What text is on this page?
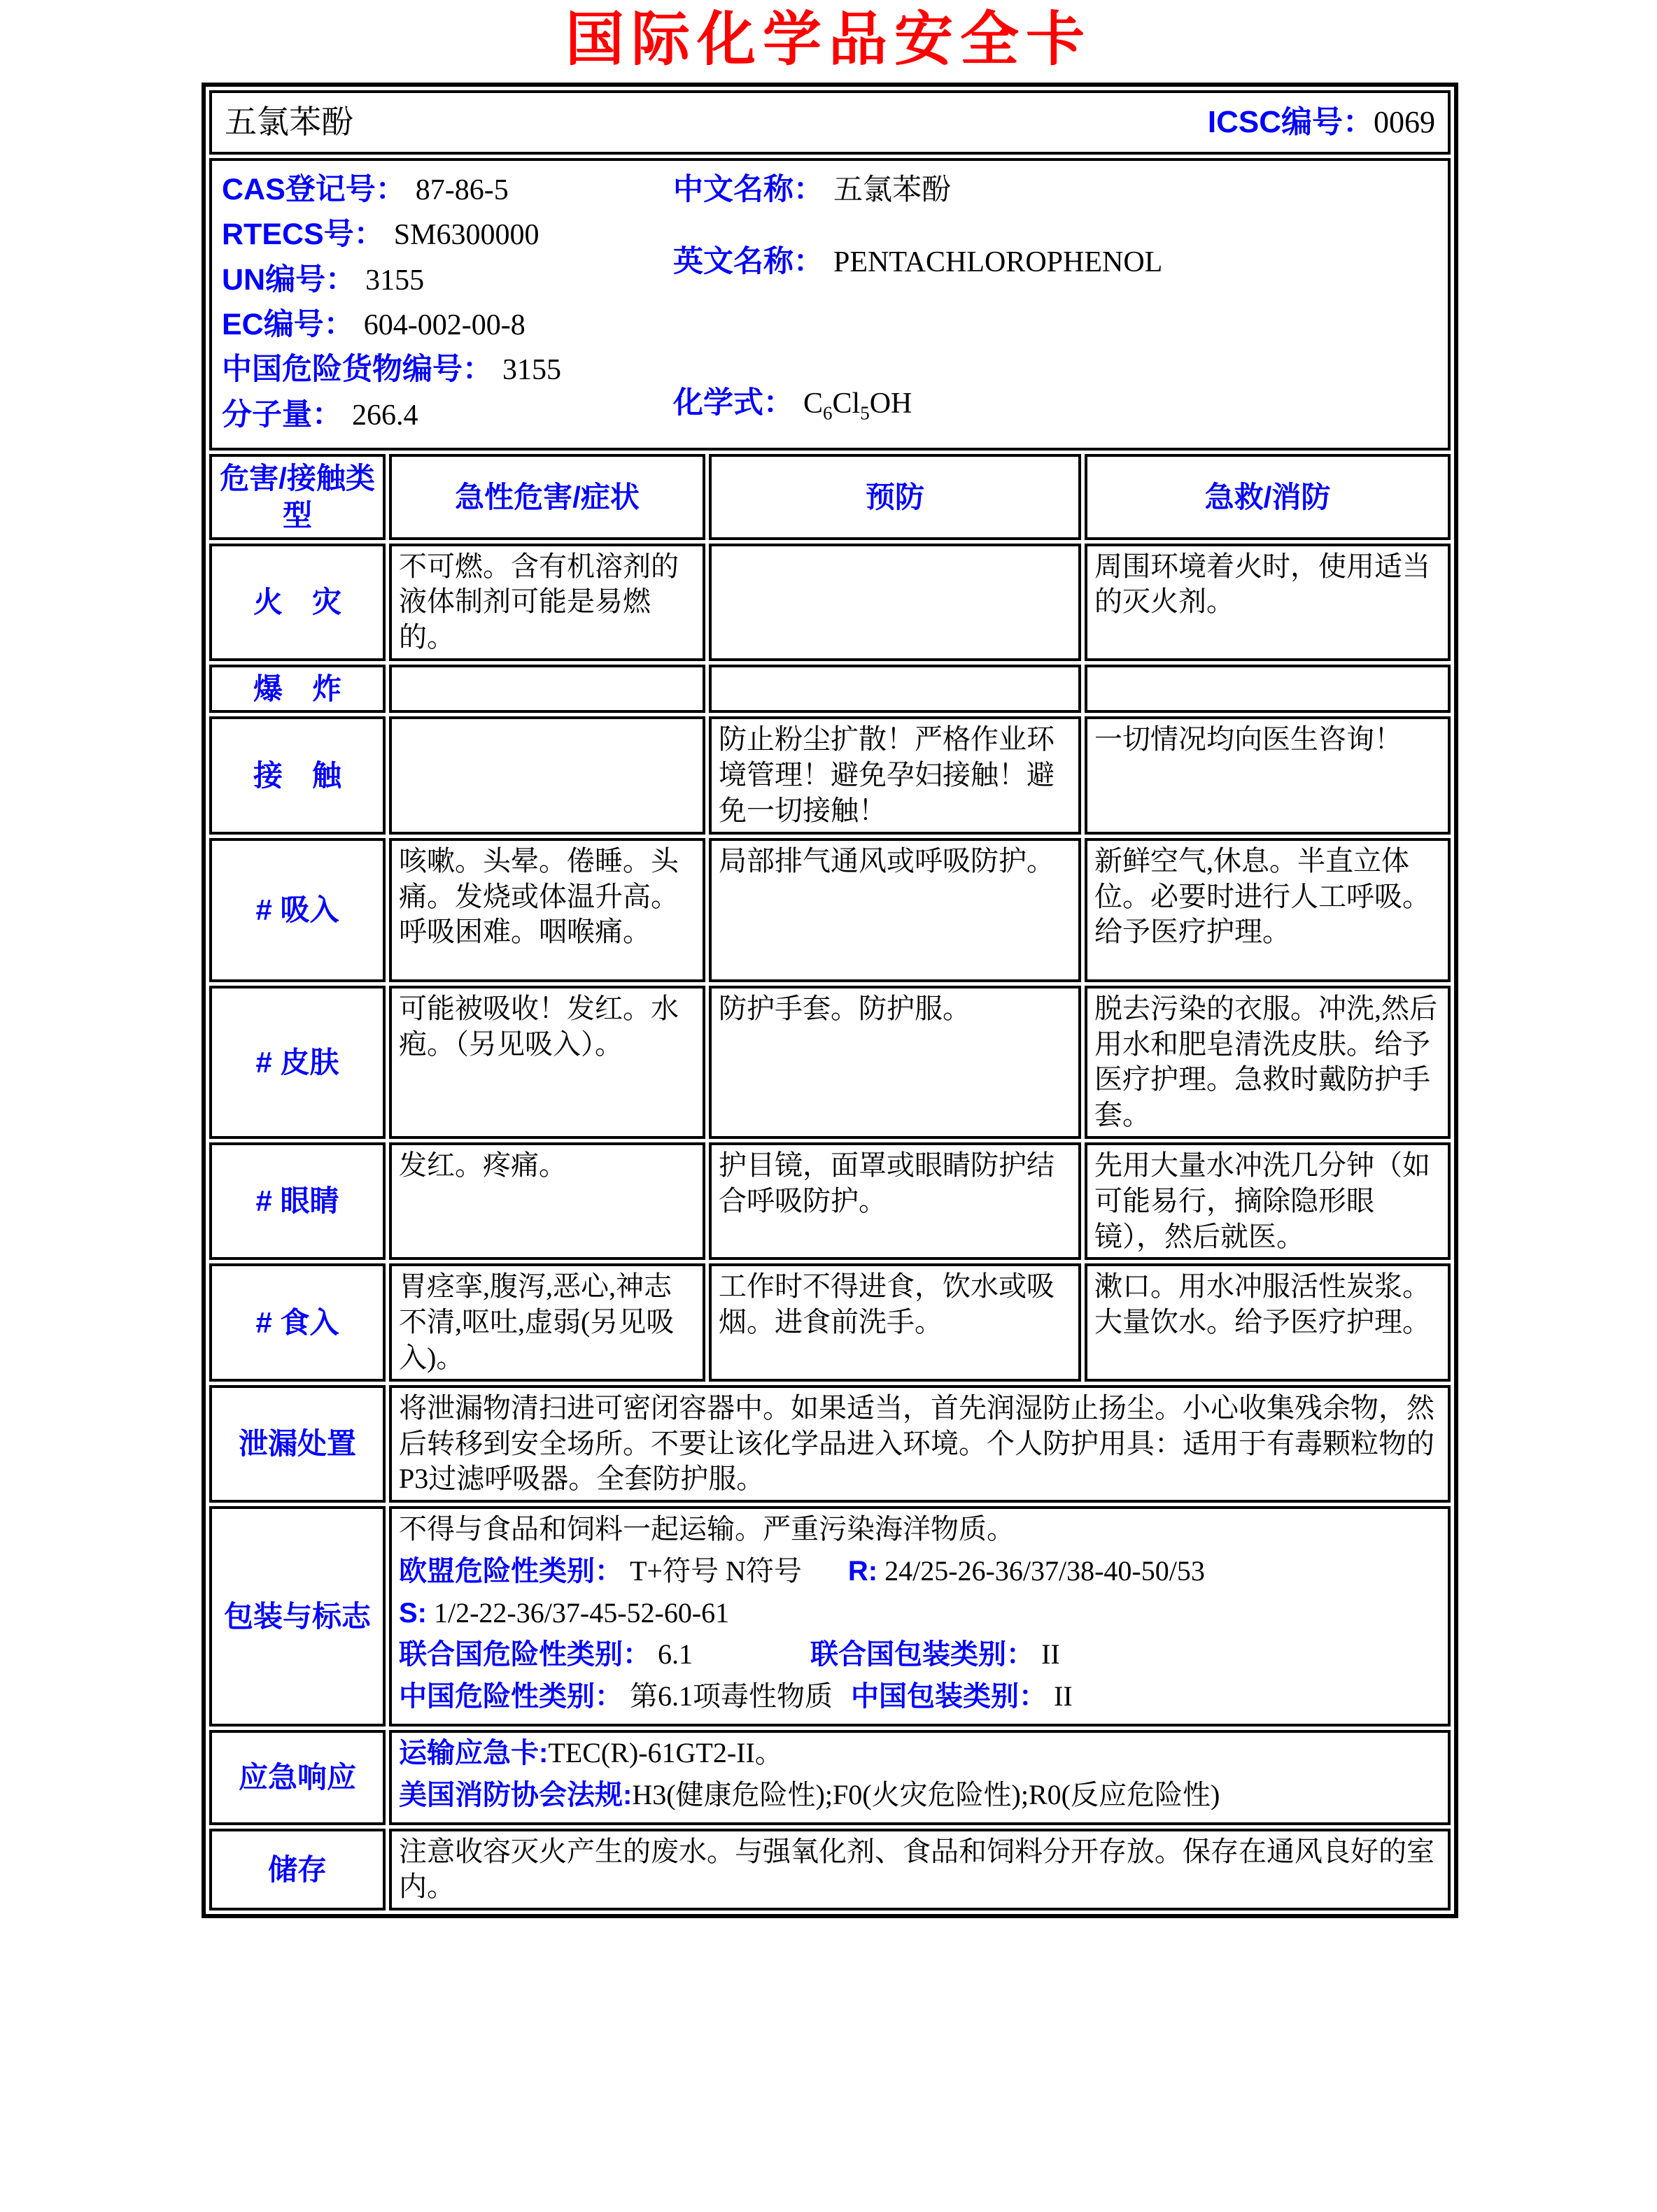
国际化学品安全卡
五氯苯酚 ICSC编号：0069			

CAS登记号： 87-86-5
RTECS号： SM6300000
UN编号： 3155
EC编号： 604-002-00-8
中国危险货物编号： 3155
分子量： 266.4
中文名称： 五氯苯酚
英文名称： PENTACHLOROPHENOL
化学式： $C_6Cl_5OH$

危害/接触类型	急性危害/症状	预防	急救/消防
火　灾	不可燃。含有机溶剂的液体制剂可能是易燃的。		周围环境着火时，使用适当的灭火剂。
爆　炸			
接　触		防止粉尘扩散！严格作业环境管理！避免孕妇接触！避免一切接触！	一切情况均向医生咨询！
# 吸入	咳嗽。头晕。倦睡。头痛。发烧或体温升高。呼吸困难。咽喉痛。	局部排气通风或呼吸防护。	新鲜空气,休息。半直立体位。必要时进行人工呼吸。给予医疗护理。
# 皮肤	可能被吸收！发红。水疱。（另见吸入）。	防护手套。防护服。	脱去污染的衣服。冲洗,然后用水和肥皂清洗皮肤。给予医疗护理。急救时戴防护手套。
# 眼睛	发红。疼痛。	护目镜，面罩或眼睛防护结合呼吸防护。	先用大量水冲洗几分钟（如可能易行，摘除隐形眼镜），然后就医。
# 食入	胃痉挛,腹泻,恶心,神志不清,呕吐,虚弱(另见吸入)。	工作时不得进食，饮水或吸烟。进食前洗手。	漱口。用水冲服活性炭浆。大量饮水。给予医疗护理。
泄漏处置	将泄漏物清扫进可密闭容器中。如果适当，首先润湿防止扬尘。小心收集残余物，然后转移到安全场所。不要让该化学品进入环境。个人防护用具：适用于有毒颗粒物的P3过滤呼吸器。全套防护服。		
包装与标志	不得与食品和饲料一起运输。严重污染海洋物质。
欧盟危险性类别： T+符号 N符号 R: 24/25-26-36/37/38-40-50/53
S: 1/2-22-36/37-45-52-60-61
联合国危险性类别： 6.1 联合国包装类别： II
中国危险性类别： 第6.1项毒性物质 中国包装类别： II		

应急响应	运输应急卡:TEC(R)-61GT2-II。
美国消防协会法规:H3(健康危险性);F0(火灾危险性);R0(反应危险性)		

储存	注意收容灭火产生的废水。与强氧化剂、食品和饲料分开存放。保存在通风良好的室内。		
